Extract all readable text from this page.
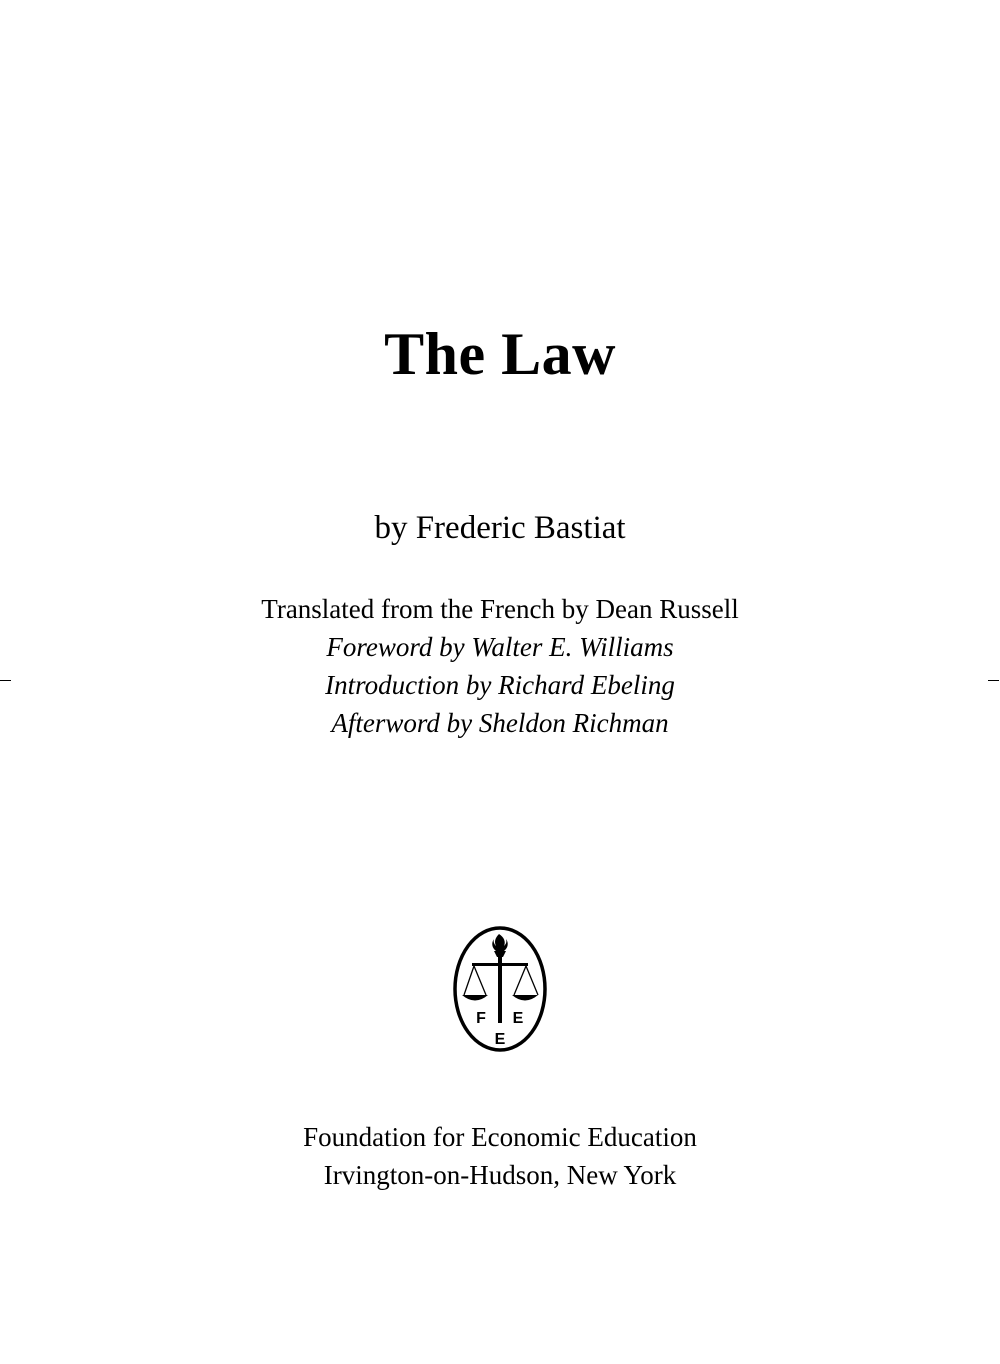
The Law
by Frederic Bastiat
Translated from the French by Dean Russell
Foreword by Walter E. Williams
Introduction by Richard Ebeling
Afterword by Sheldon Richman
F E
E
Foundation for Economic Education
Irvington-on-Hudson, New York
